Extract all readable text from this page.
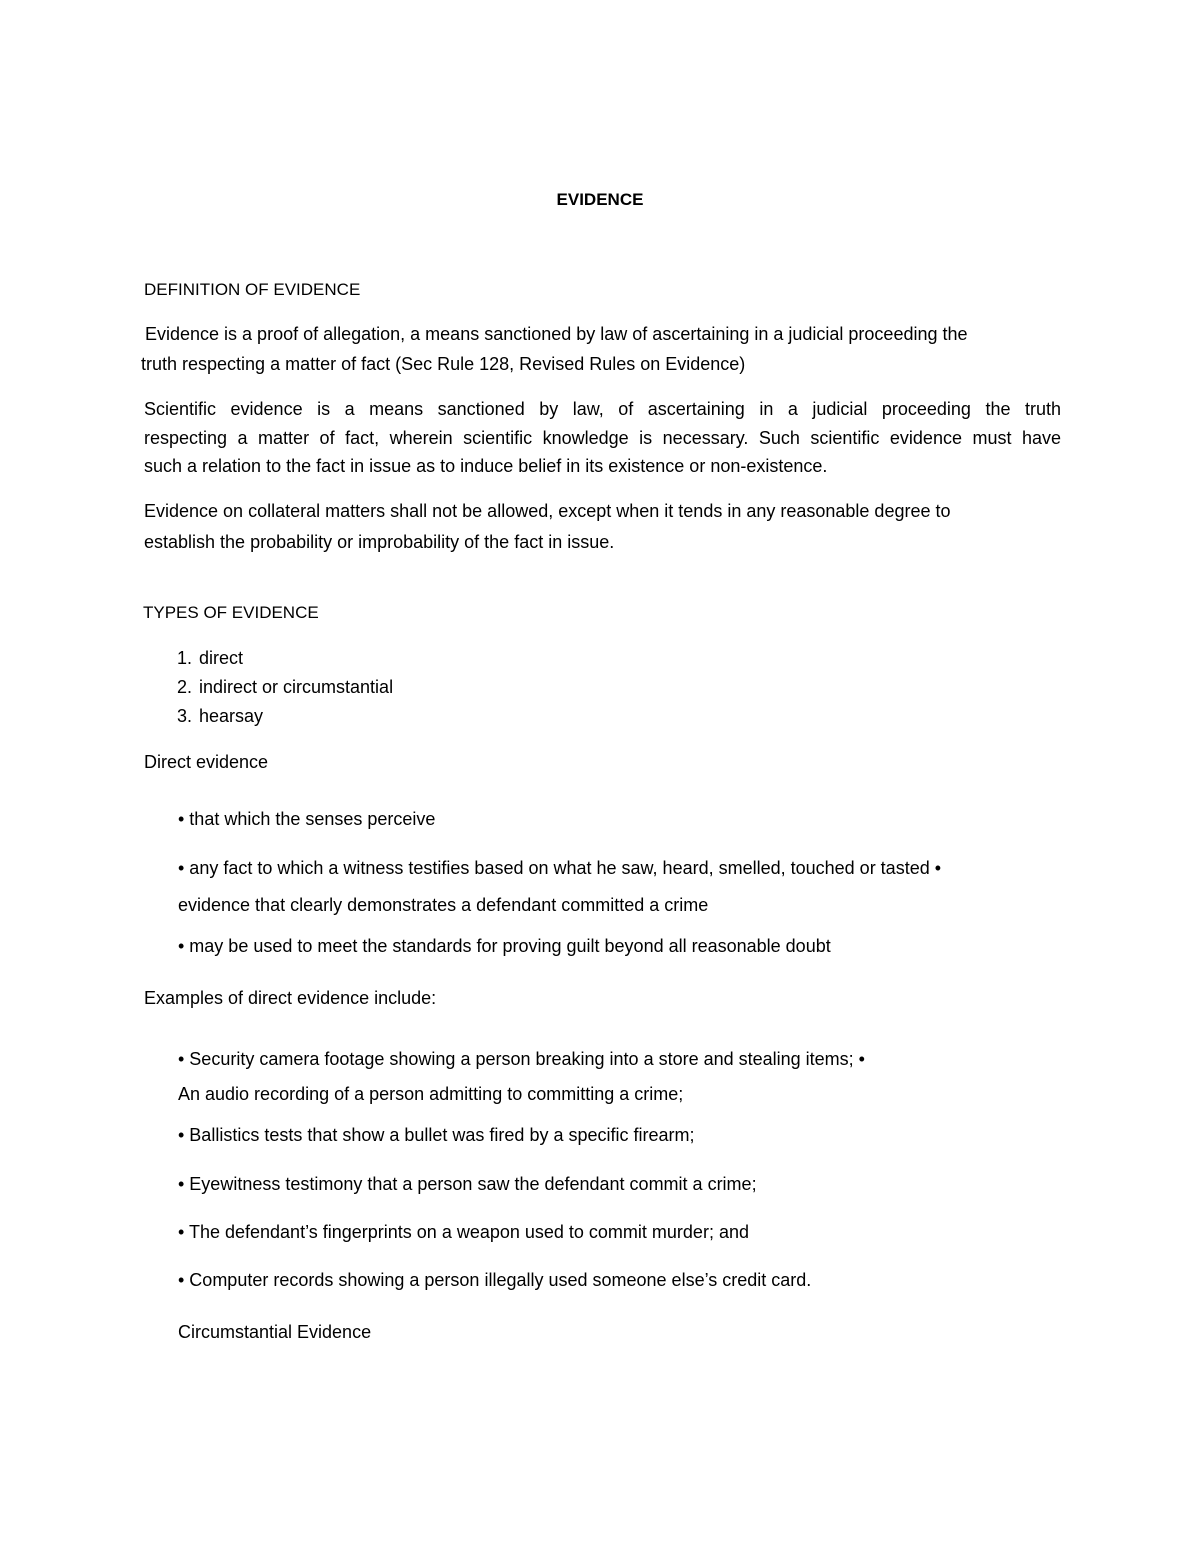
EVIDENCE

DEFINITION OF EVIDENCE

Evidence is a proof of allegation, a means sanctioned by law of ascertaining in a judicial proceeding the

truth respecting a matter of fact (Sec Rule 128, Revised Rules on Evidence)

Scientific evidence is a means sanctioned by law, of ascertaining in a judicial proceeding the truth

respecting a matter of fact, wherein scientific knowledge is necessary. Such scientific evidence must have

such a relation to the fact in issue as to induce belief in its existence or non-existence.

Evidence on collateral matters shall not be allowed, except when it tends in any reasonable degree to

establish the probability or improbability of the fact in issue.

TYPES OF EVIDENCE

1. direct

2. indirect or circumstantial

3. hearsay

Direct evidence

• that which the senses perceive

• any fact to which a witness testifies based on what he saw, heard, smelled, touched or tasted •

evidence that clearly demonstrates a defendant committed a crime

• may be used to meet the standards for proving guilt beyond all reasonable doubt

Examples of direct evidence include:

• Security camera footage showing a person breaking into a store and stealing items; •

An audio recording of a person admitting to committing a crime;

• Ballistics tests that show a bullet was fired by a specific firearm;

• Eyewitness testimony that a person saw the defendant commit a crime;

• The defendant’s fingerprints on a weapon used to commit murder; and

• Computer records showing a person illegally used someone else’s credit card.

Circumstantial Evidence
